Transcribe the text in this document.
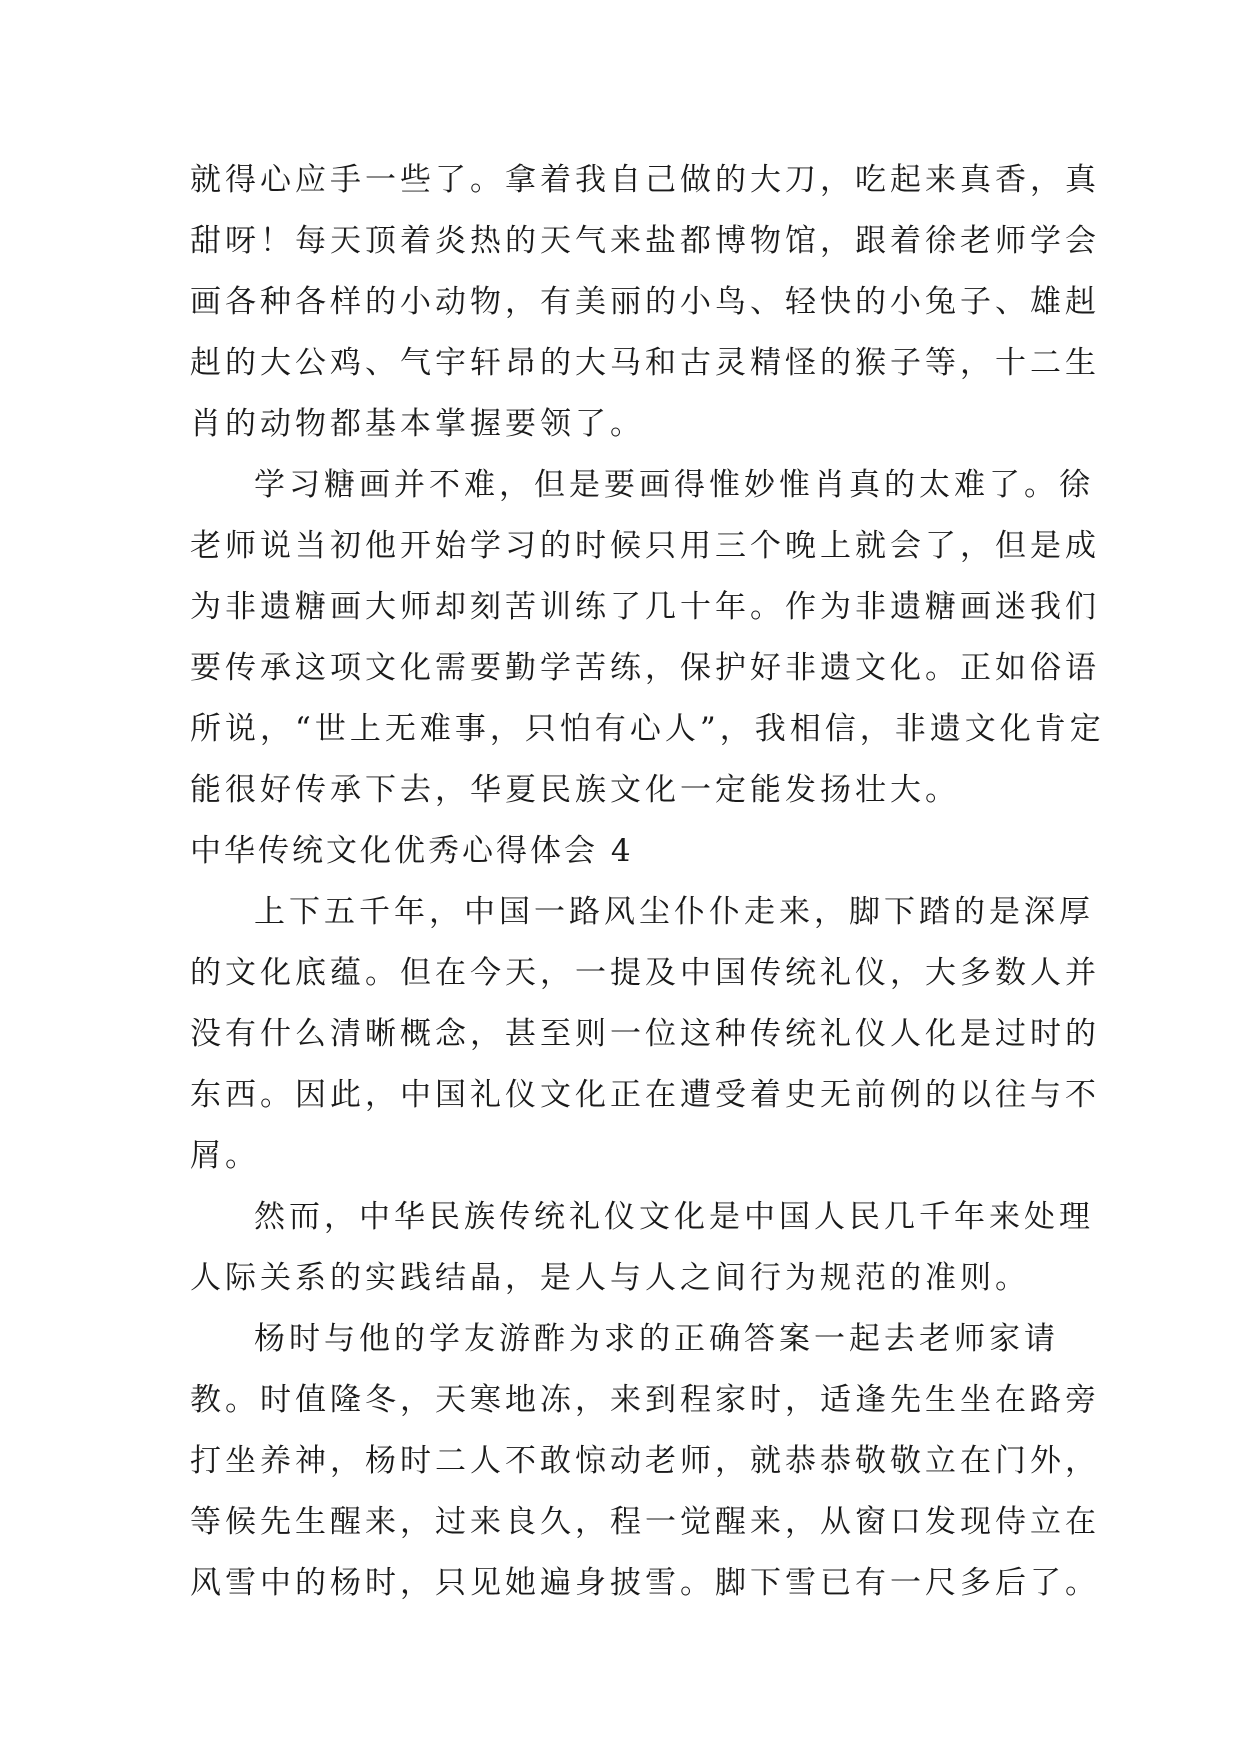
就得心应手一些了。拿着我自己做的大刀，吃起来真香，真
甜呀！每天顶着炎热的天气来盐都博物馆，跟着徐老师学会
画各种各样的小动物，有美丽的小鸟、轻快的小兔子、雄赳
赳的大公鸡、气宇轩昂的大马和古灵精怪的猴子等，十二生
肖的动物都基本掌握要领了。
学习糖画并不难，但是要画得惟妙惟肖真的太难了。徐
老师说当初他开始学习的时候只用三个晚上就会了，但是成
为非遗糖画大师却刻苦训练了几十年。作为非遗糖画迷我们
要传承这项文化需要勤学苦练，保护好非遗文化。正如俗语
所说，“世上无难事，只怕有心人”，我相信，非遗文化肯定
能很好传承下去，华夏民族文化一定能发扬壮大。
中华传统文化优秀心得体会 4
上下五千年，中国一路风尘仆仆走来，脚下踏的是深厚
的文化底蕴。但在今天，一提及中国传统礼仪，大多数人并
没有什么清晰概念，甚至则一位这种传统礼仪人化是过时的
东西。因此，中国礼仪文化正在遭受着史无前例的以往与不
屑。
然而，中华民族传统礼仪文化是中国人民几千年来处理
人际关系的实践结晶，是人与人之间行为规范的准则。
杨时与他的学友游酢为求的正确答案一起去老师家请
教。时值隆冬，天寒地冻，来到程家时，适逢先生坐在路旁
打坐养神，杨时二人不敢惊动老师，就恭恭敬敬立在门外，
等候先生醒来，过来良久，程一觉醒来，从窗口发现侍立在
风雪中的杨时，只见她遍身披雪。脚下雪已有一尺多后了。
